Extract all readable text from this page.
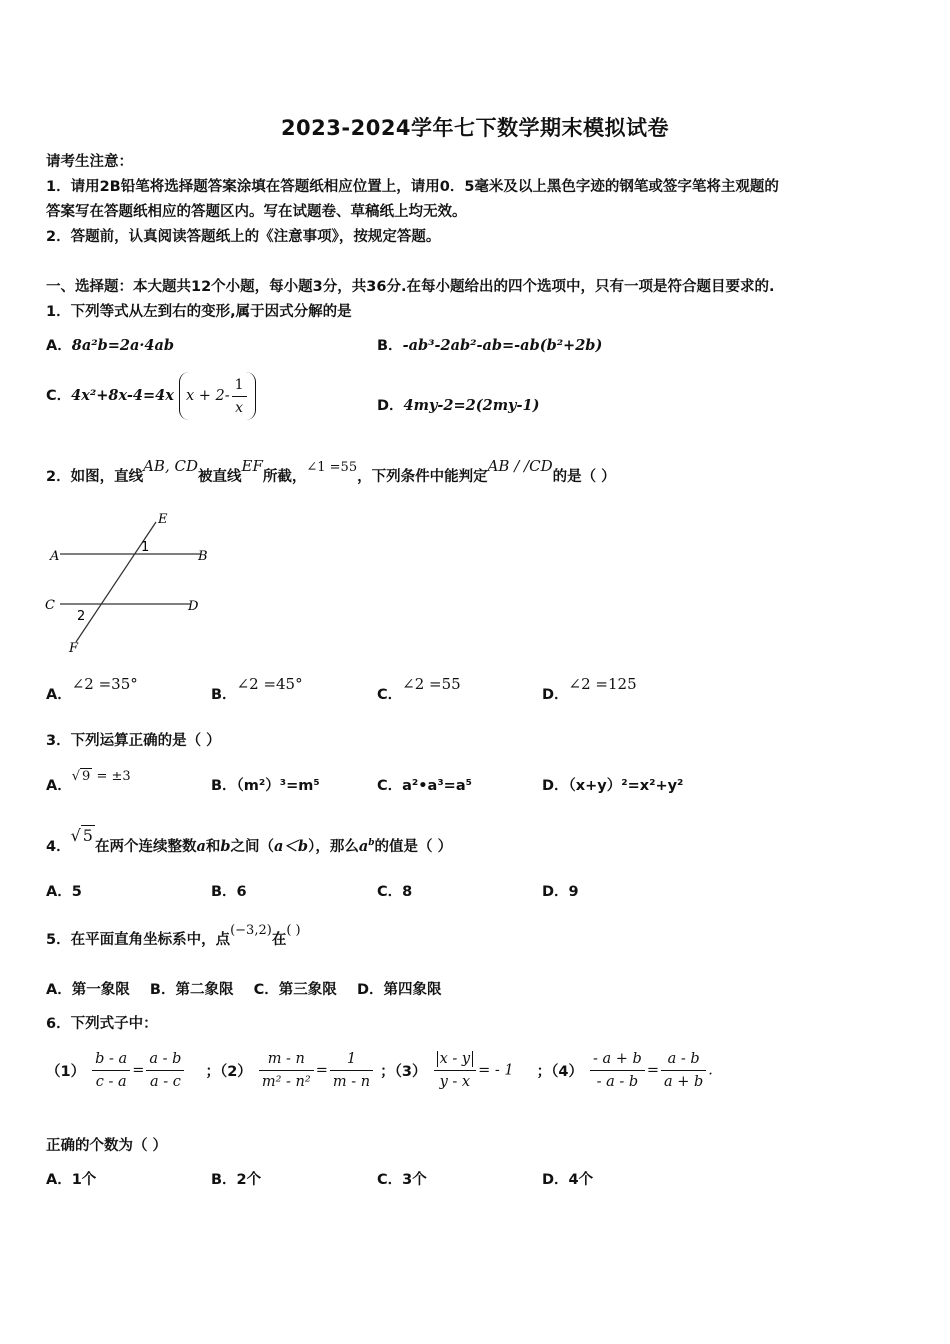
2023-2024学年七下数学期末模拟试卷
请考生注意：
1．请用2B铅笔将选择题答案涂填在答题纸相应位置上，请用0．5毫米及以上黑色字迹的钢笔或签字笔将主观题的
答案写在答题纸相应的答题区内。写在试题卷、草稿纸上均无效。
2．答题前，认真阅读答题纸上的《注意事项》，按规定答题。
一、选择题：本大题共12个小题，每小题3分，共36分.在每小题给出的四个选项中，只有一项是符合题目要求的.
1．下列等式从左到右的变形,属于因式分解的是
A．8a²b=2a·4ab	B．-ab³-2ab²-ab=-ab(b²+2b)
C．4x²+8x-4=4x $x + 2- \frac{1}{x}$	D．4my-2=2(2my-1)
2．如图，直线AB, CD被直线EF所截，∠1 =55，下列条件中能判定AB / /CD的是（ ）
E
A	B
1
C	D
2
F
A．∠2 =35°
B．∠2 =45°
C．∠2 =55
D．∠2 =125
3．下列运算正确的是（ ）
A．√ 9 = ±3
B．（m²）³=m⁵	C．a²•a³=a⁵	D．（x+y）²=x²+y²
4．√ 5在两个连续整数a和b之间（a＜b），那么$a^b$的值是（ ）
A．5	B．6	C．8	D．9
5．在平面直角坐标系中，点(−3,2)在( )
A．第一象限    B．第二象限    C．第三象限    D．第四象限
6．下列式子中：
$(1) \frac{b - a}{c - a} = \frac{a - b}{a - c}$ ；$(2) \frac{m - n}{\text{m² - n²}} = \frac{1}{m - n}$ ；$(3) \frac{x - y}{y - x}$ = - 1 ；$(4) \frac{- a + b}{- a - b} = \frac{a - b}{a + b}$ .
正确的个数为（ ）
A．1个	B．2个	C．3个	D．4个
